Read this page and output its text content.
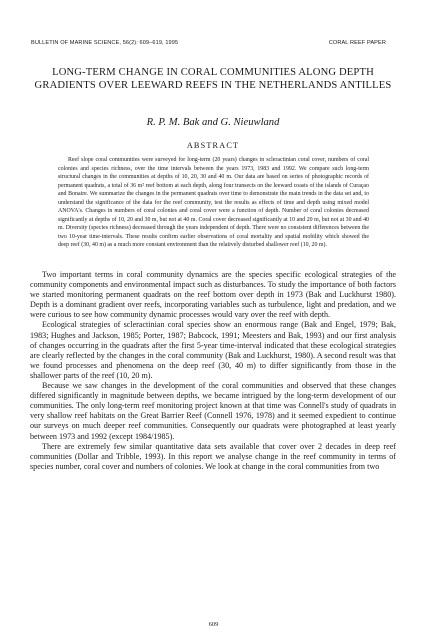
BULLETIN OF MARINE SCIENCE, 56(2): 609–619, 1995	CORAL REEF PAPER
LONG-TERM CHANGE IN CORAL COMMUNITIES ALONG DEPTH GRADIENTS OVER LEEWARD REEFS IN THE NETHERLANDS ANTILLES
R. P. M. Bak and G. Nieuwland
ABSTRACT

Reef slope coral communities were surveyed for long-term (20 years) changes in scleractinian coral cover, numbers of coral colonies and species richness, over the time intervals between the years 1973, 1983 and 1992. We compare such long-term structural changes in the communities at depths of 10, 20, 30 and 40 m. Our data are based on series of photographic records of permanent quadrats, a total of 36 m² reef bottom at each depth, along four transects on the leeward coasts of the islands of Curaçao and Bonaire. We summarize the changes in the permanent quadrats over time to demonstrate the main trends in the data set and, to understand the significance of the data for the reef community, test the results as effects of time and depth using mixed model ANOVA's. Changes in numbers of coral colonies and coral cover were a function of depth. Number of coral colonies decreased significantly at depths of 10, 20 and 30 m, but not at 40 m. Coral cover decreased significantly at 10 and 20 m, but not at 30 and 40 m. Diversity (species richness) decreased through the years independent of depth. There were no consistent differences between the two 10-year time-intervals. These results confirm earlier observations of coral mortality and spatial mobility which showed the deep reef (30, 40 m) as a much more constant environment than the relatively disturbed shallower reef (10, 20 m).

Two important terms in coral community dynamics are the species specific ecological strategies of the community components and environmental impact such as disturbances. To study the importance of both factors we started monitoring permanent quadrats on the reef bottom over depth in 1973 (Bak and Luckhurst 1980). Depth is a dominant gradient over reefs, incorporating variables such as turbulence, light and predation, and we were curious to see how community dynamic processes would vary over the reef with depth.

Ecological strategies of scleractinian coral species show an enormous range (Bak and Engel, 1979; Bak, 1983; Hughes and Jackson, 1985; Porter, 1987; Babcock, 1991; Meesters and Bak, 1993) and our first analysis of changes occurring in the quadrats after the first 5-year time-interval indicated that these ecological strategies are clearly reflected by the changes in the coral community (Bak and Luckhurst, 1980). A second result was that we found processes and phenomena on the deep reef (30, 40 m) to differ significantly from those in the shallower parts of the reef (10, 20 m).

Because we saw changes in the development of the coral communities and observed that these changes differed significantly in magnitude between depths, we became intrigued by the long-term development of our communities. The only long-term reef monitoring project known at that time was Connell's study of quadrats in very shallow reef habitats on the Great Barrier Reef (Connell 1976, 1978) and it seemed expedient to continue our surveys on much deeper reef communities. Consequently our quadrats were photographed at least yearly between 1973 and 1992 (except 1984/1985).

There are extremely few similar quantitative data sets available that cover over 2 decades in deep reef communities (Dollar and Tribble, 1993). In this report we analyse change in the reef community in terms of species number, coral cover and numbers of colonies. We look at change in the coral communities from two

609
